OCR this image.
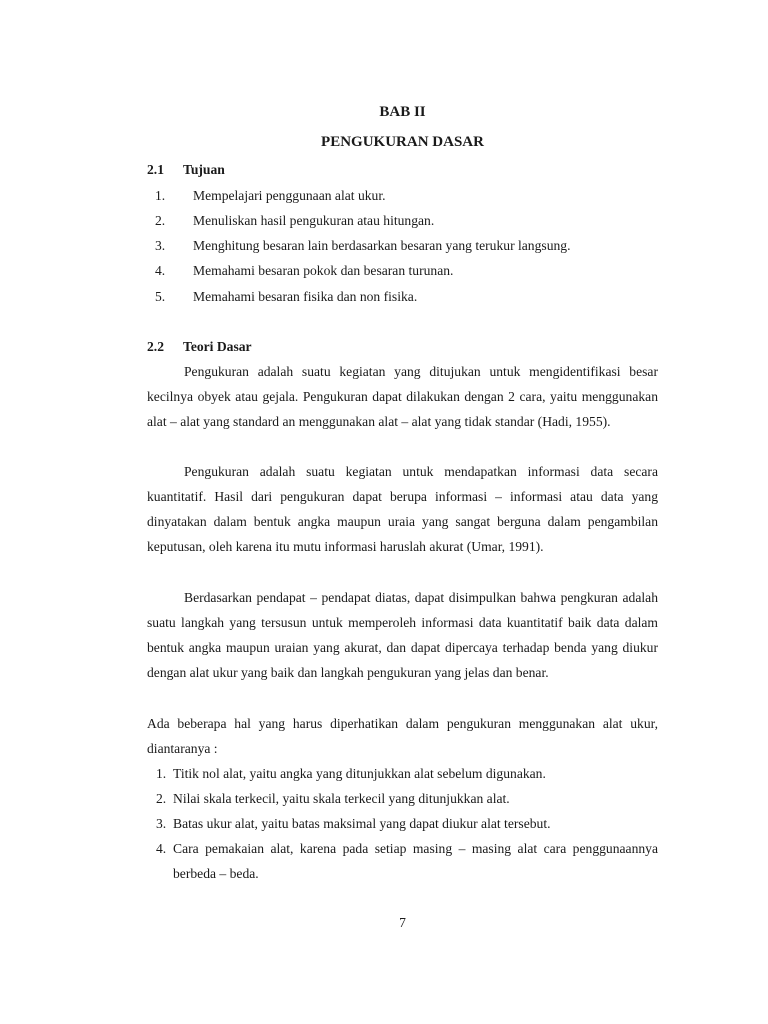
BAB II
PENGUKURAN DASAR
2.1 Tujuan
1. Mempelajari penggunaan alat ukur.
2. Menuliskan hasil pengukuran atau hitungan.
3. Menghitung besaran lain berdasarkan besaran yang terukur langsung.
4. Memahami besaran pokok dan besaran turunan.
5. Memahami besaran fisika dan non fisika.
2.2 Teori Dasar
Pengukuran adalah suatu kegiatan yang ditujukan untuk mengidentifikasi besar kecilnya obyek atau gejala. Pengukuran dapat dilakukan dengan 2 cara, yaitu menggunakan alat – alat yang standard an menggunakan alat – alat yang tidak standar (Hadi, 1955).
Pengukuran adalah suatu kegiatan untuk mendapatkan informasi data secara kuantitatif. Hasil dari pengukuran dapat berupa informasi – informasi atau data yang dinyatakan dalam bentuk angka maupun uraia yang sangat berguna dalam pengambilan keputusan, oleh karena itu mutu informasi haruslah akurat (Umar, 1991).
Berdasarkan pendapat – pendapat diatas, dapat disimpulkan bahwa pengkuran adalah suatu langkah yang tersusun untuk memperoleh informasi data kuantitatif baik data dalam bentuk angka maupun uraian yang akurat, dan dapat dipercaya terhadap benda yang diukur dengan alat ukur yang baik dan langkah pengukuran yang jelas dan benar.
Ada beberapa hal yang harus diperhatikan dalam pengukuran menggunakan alat ukur, diantaranya :
1. Titik nol alat, yaitu angka yang ditunjukkan alat sebelum digunakan.
2. Nilai skala terkecil, yaitu skala terkecil yang ditunjukkan alat.
3. Batas ukur alat, yaitu batas maksimal yang dapat diukur alat tersebut.
4. Cara pemakaian alat, karena pada setiap masing – masing alat cara penggunaannya berbeda – beda.
7
